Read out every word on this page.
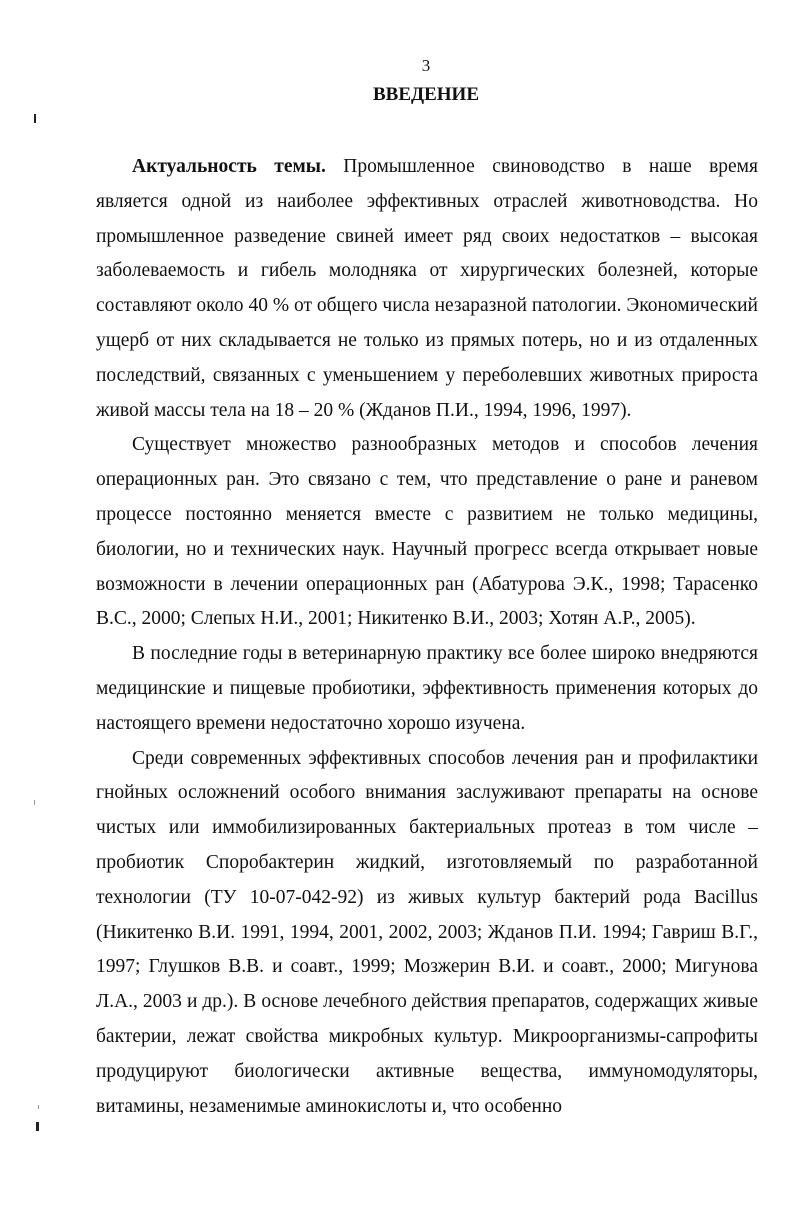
3
ВВЕДЕНИЕ

Актуальность темы. Промышленное свиноводство в наше время является одной из наиболее эффективных отраслей животноводства. Но промышленное разведение свиней имеет ряд своих недостатков – высокая заболеваемость и гибель молодняка от хирургических болезней, которые составляют около 40 % от общего числа незаразной патологии. Экономический ущерб от них складывается не только из прямых потерь, но и из отдаленных последствий, связанных с уменьшением у переболевших животных прироста живой массы тела на 18 – 20 % (Жданов П.И., 1994, 1996, 1997).

Существует множество разнообразных методов и способов лечения операционных ран. Это связано с тем, что представление о ране и раневом процессе постоянно меняется вместе с развитием не только медицины, биологии, но и технических наук. Научный прогресс всегда открывает новые возможности в лечении операционных ран (Абатурова Э.К., 1998; Тарасенко В.С., 2000; Слепых Н.И., 2001; Никитенко В.И., 2003; Хотян А.Р., 2005).

В последние годы в ветеринарную практику все более широко внедряются медицинские и пищевые пробиотики, эффективность применения которых до настоящего времени недостаточно хорошо изучена.

Среди современных эффективных способов лечения ран и профилактики гнойных осложнений особого внимания заслуживают препараты на основе чистых или иммобилизированных бактериальных протеаз в том числе – пробиотик Споробактерин жидкий, изготовляемый по разработанной технологии (ТУ 10-07-042-92) из живых культур бактерий рода Bacillus (Никитенко В.И. 1991, 1994, 2001, 2002, 2003; Жданов П.И. 1994; Гавриш В.Г., 1997; Глушков В.В. и соавт., 1999; Мозжерин В.И. и соавт., 2000; Мигунова Л.А., 2003 и др.). В основе лечебного действия препаратов, содержащих живые бактерии, лежат свойства микробных культур. Микроорганизмы-сапрофиты продуцируют биологически активные вещества, иммуномодуляторы, витамины, незаменимые аминокислоты и, что особенно
